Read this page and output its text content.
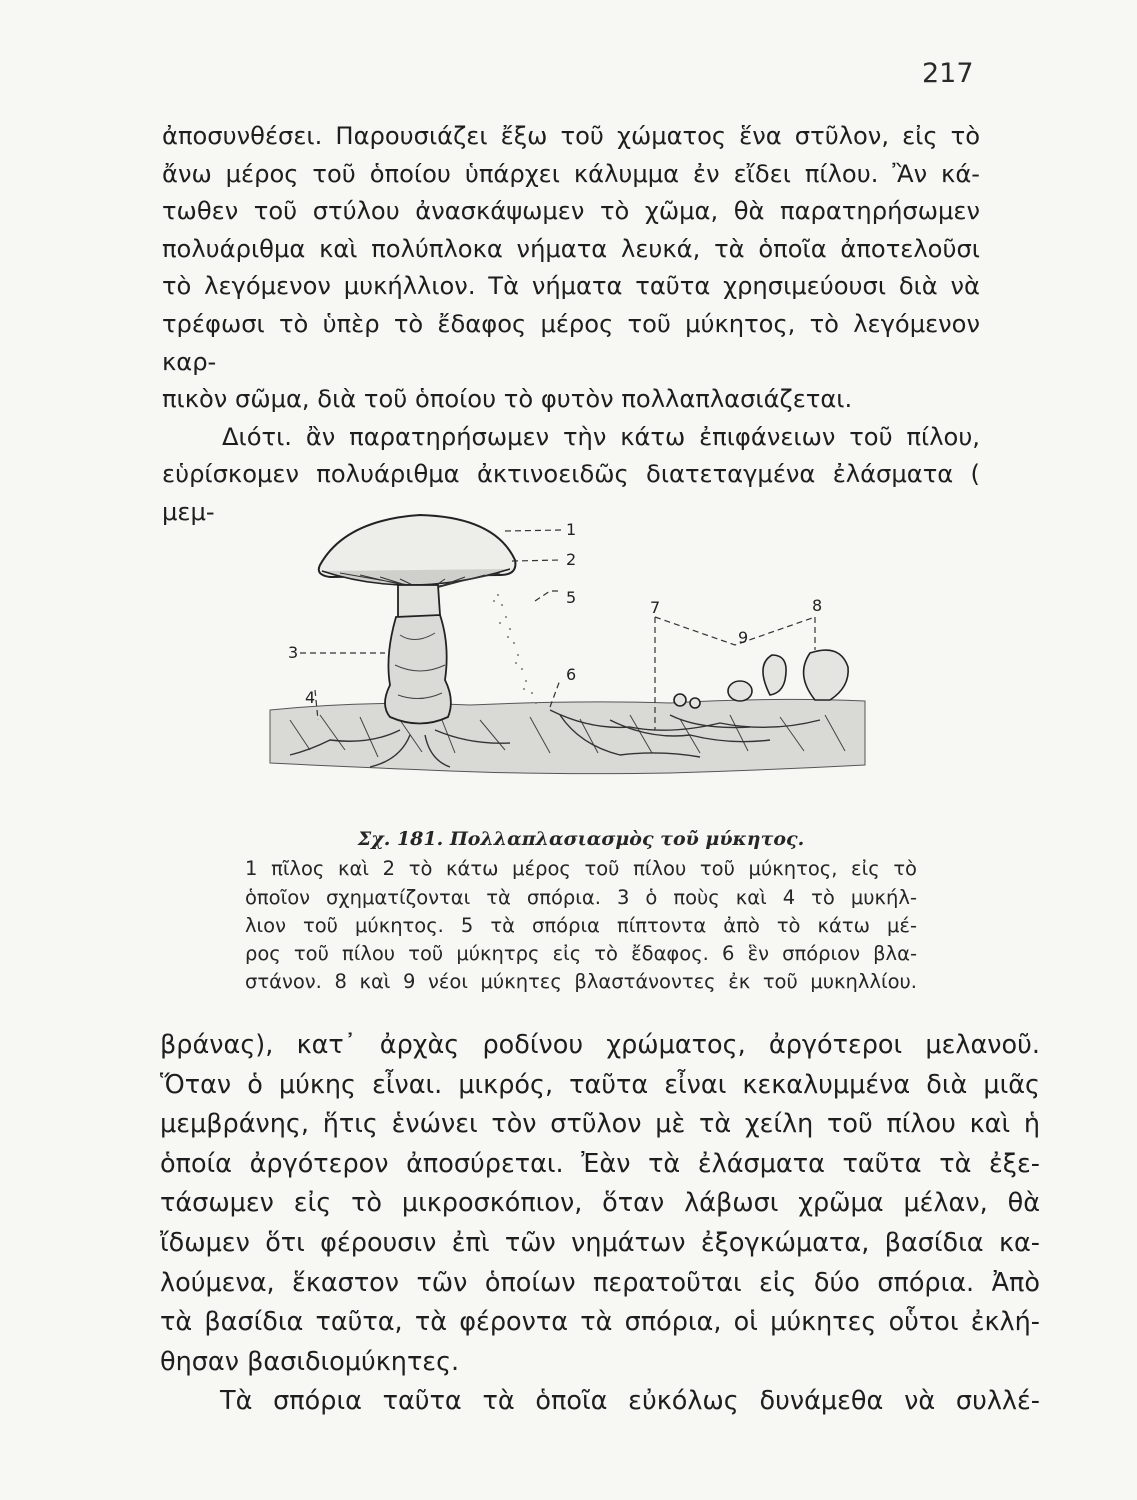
217
ἀποσυνθέσει. Παρουσιάζει ἔξω τοῦ χώματος ἕνα στῦλον, εἰς τὸ
ἄνω μέρος τοῦ ὁποίου ὑπάρχει κάλυμμα ἐν εἴδει πίλου. Ἂν κά-
τωθεν τοῦ στύλου ἀνασκάψωμεν τὸ χῶμα, θὰ παρατηρήσωμεν
πολυάριθμα καὶ πολύπλοκα νήματα λευκά, τὰ ὁποῖα ἀποτελοῦσι
τὸ λεγόμενον μυκήλλιον. Τὰ νήματα ταῦτα χρησιμεύουσι διὰ νὰ
τρέφωσι τὸ ὑπὲρ τὸ ἔδαφος μέρος τοῦ μύκητος, τὸ λεγόμενον καρ-
πικὸν σῶμα, διὰ τοῦ ὁποίου τὸ φυτὸν πολλαπλασιάζεται.
Διότι. ἂν παρατηρήσωμεν τὴν κάτω ἐπιφάνειων τοῦ πίλου,
εὑρίσκομεν πολυάριθμα ἀκτινοειδῶς διατεταγμένα ἐλάσματα ( μεμ-
1
2
3
4
5
6
7	8
9
Σχ. 181. Πολλαπλασιασμὸς τοῦ μύκητος.
1 πῖλος καὶ 2 τὸ κάτω μέρος τοῦ πίλου τοῦ μύκητος, εἰς τὸ
ὁποῖον σχηματίζονται τὰ σπόρια. 3 ὁ ποὺς καὶ 4 τὸ μυκήλ-
λιον τοῦ μύκητος. 5 τὰ σπόρια πίπτοντα ἀπὸ τὸ κάτω μέ-
ρος τοῦ πίλου τοῦ μύκητρς εἰς τὸ ἔδαφος. 6 ἓν σπόριον βλα-
στάνον. 8 καὶ 9 νέοι μύκητες βλαστάνοντες ἐκ τοῦ μυκηλλίου.
βράνας), κατ᾽ ἀρχὰς ροδίνου χρώματος, ἀργότεροι μελανοῦ.
Ὅταν ὁ μύκης εἶναι. μικρός, ταῦτα εἶναι κεκαλυμμένα διὰ μιᾶς
μεμβράνης, ἥτις ἑνώνει τὸν στῦλον μὲ τὰ χείλη τοῦ πίλου καὶ ἡ
ὁποία ἀργότερον ἀποσύρεται. Ἐὰν τὰ ἐλάσματα ταῦτα τὰ ἐξε-
τάσωμεν εἰς τὸ μικροσκόπιον, ὅταν λάβωσι χρῶμα μέλαν, θὰ
ἴδωμεν ὅτι φέρουσιν ἐπὶ τῶν νημάτων ἐξογκώματα, βασίδια κα-
λούμενα, ἕκαστον τῶν ὁποίων περατοῦται εἰς δύο σπόρια. Ἀπὸ
τὰ βασίδια ταῦτα, τὰ φέροντα τὰ σπόρια, οἱ μύκητες οὗτοι ἐκλή-
θησαν βασιδιομύκητες.
Τὰ σπόρια ταῦτα τὰ ὁποῖα εὐκόλως δυνάμεθα νὰ συλλέ-
